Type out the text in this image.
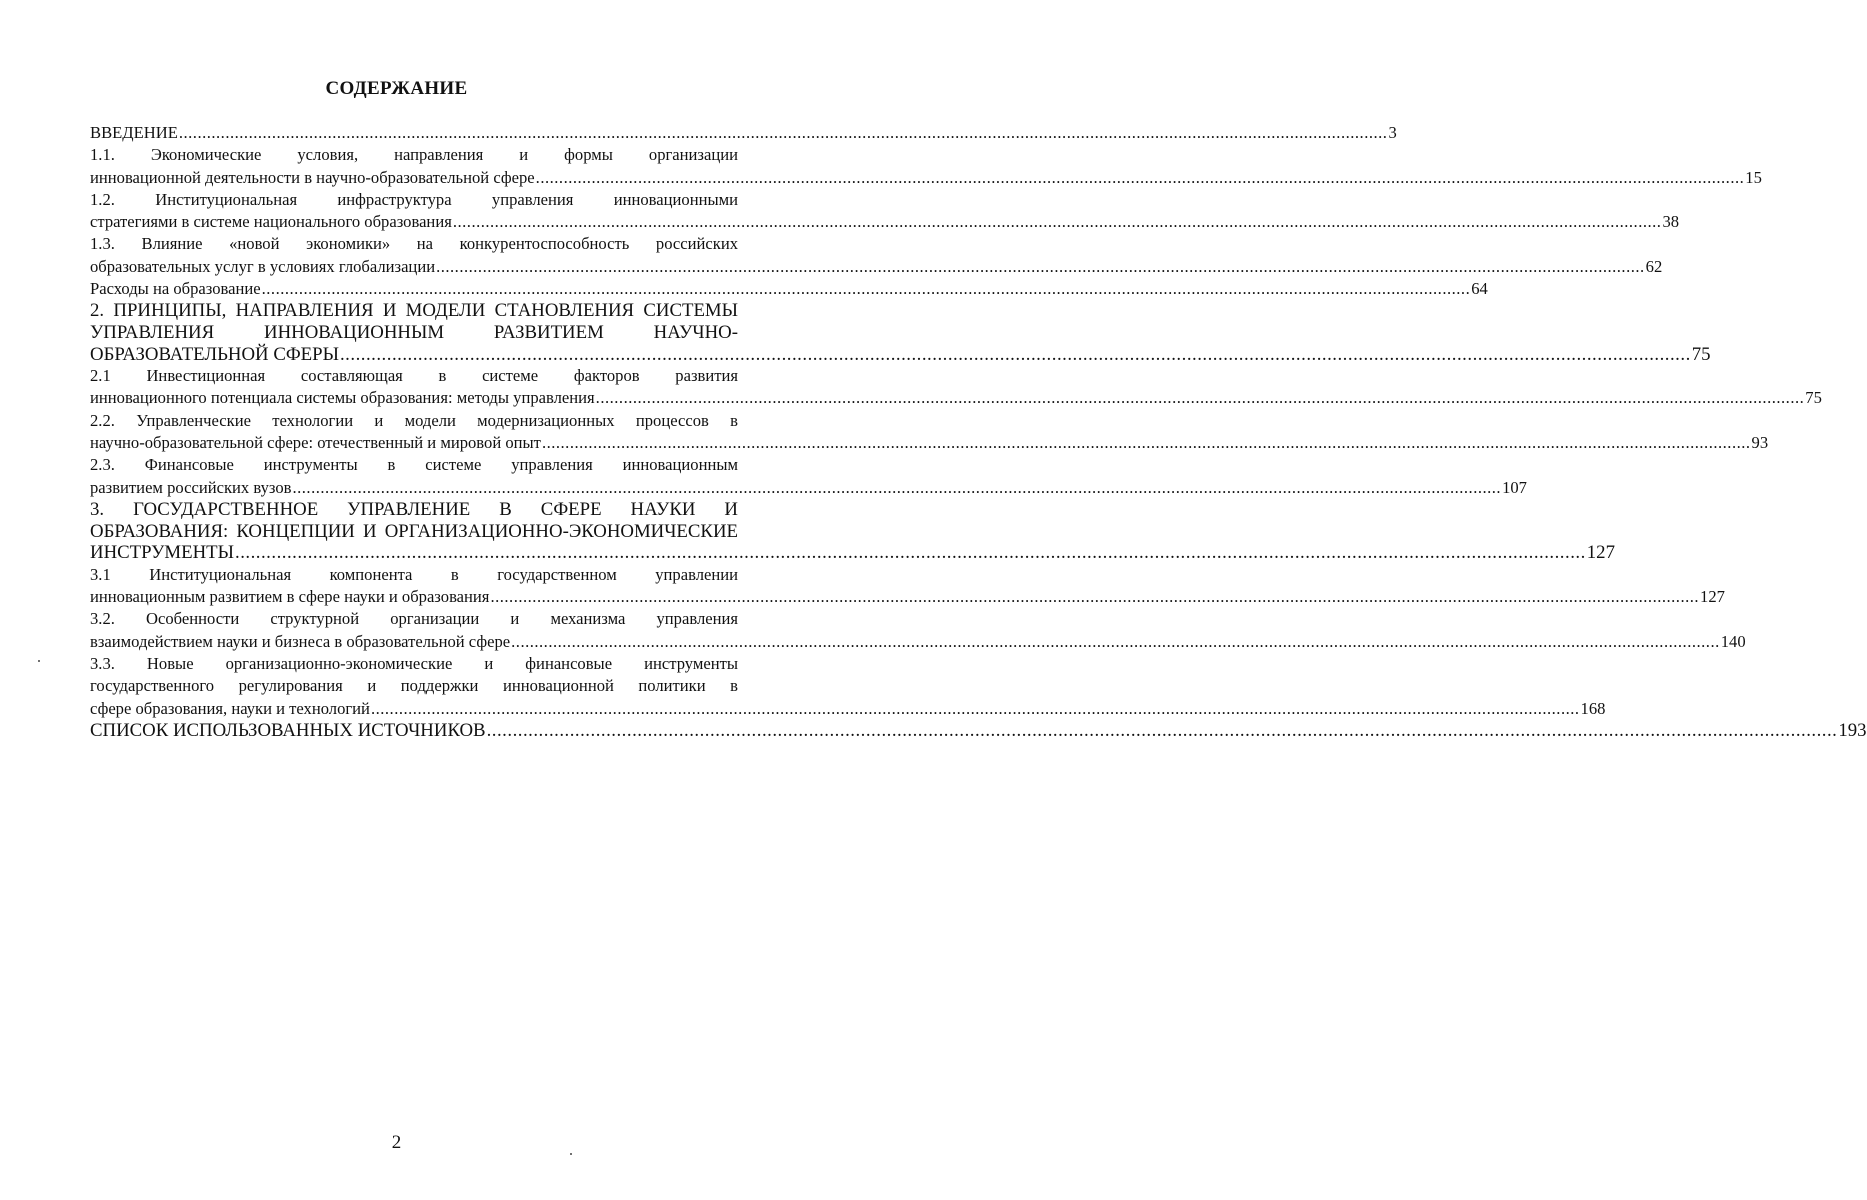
СОДЕРЖАНИЕ
ВВЕДЕНИЕ .................................................................................................................................................................................................................................................................... 3
1.1. Экономические условия, направления и формы организации
инновационной деятельности в научно-образовательной сфере .................................................................................................................................................................................................................................................................... 15
1.2. Институциональная инфраструктура управления инновационными
стратегиями в системе национального образования .................................................................................................................................................................................................................................................................... 38
1.3. Влияние «новой экономики» на конкурентоспособность российских
образовательных услуг в условиях глобализации .................................................................................................................................................................................................................................................................... 62
Расходы на образование .................................................................................................................................................................................................................................................................... 64
2. ПРИНЦИПЫ, НАПРАВЛЕНИЯ И МОДЕЛИ СТАНОВЛЕНИЯ СИСТЕМЫ
УПРАВЛЕНИЯ ИННОВАЦИОННЫМ РАЗВИТИЕМ НАУЧНО-
ОБРАЗОВАТЕЛЬНОЙ СФЕРЫ .................................................................................................................................................................................................................................................................... 75
2.1 Инвестиционная составляющая в системе факторов развития
инновационного потенциала системы образования: методы управления .................................................................................................................................................................................................................................................................... 75
2.2. Управленческие технологии и модели модернизационных процессов в
научно-образовательной сфере: отечественный и мировой опыт .................................................................................................................................................................................................................................................................... 93
2.3. Финансовые инструменты в системе управления инновационным
развитием российских вузов .................................................................................................................................................................................................................................................................... 107
3. ГОСУДАРСТВЕННОЕ УПРАВЛЕНИЕ В СФЕРЕ НАУКИ И
ОБРАЗОВАНИЯ: КОНЦЕПЦИИ И ОРГАНИЗАЦИОННО-ЭКОНОМИЧЕСКИЕ
ИНСТРУМЕНТЫ .................................................................................................................................................................................................................................................................... 127
3.1 Институциональная компонента в государственном управлении
инновационным развитием в сфере науки и образования .................................................................................................................................................................................................................................................................... 127
3.2. Особенности структурной организации и механизма управления
взаимодействием науки и бизнеса в образовательной сфере .................................................................................................................................................................................................................................................................... 140
3.3. Новые организационно-экономические и финансовые инструменты
государственного регулирования и поддержки инновационной политики в
сфере образования, науки и технологий .................................................................................................................................................................................................................................................................... 168
СПИСОК ИСПОЛЬЗОВАННЫХ ИСТОЧНИКОВ .................................................................................................................................................................................................................................................................... 193
2
